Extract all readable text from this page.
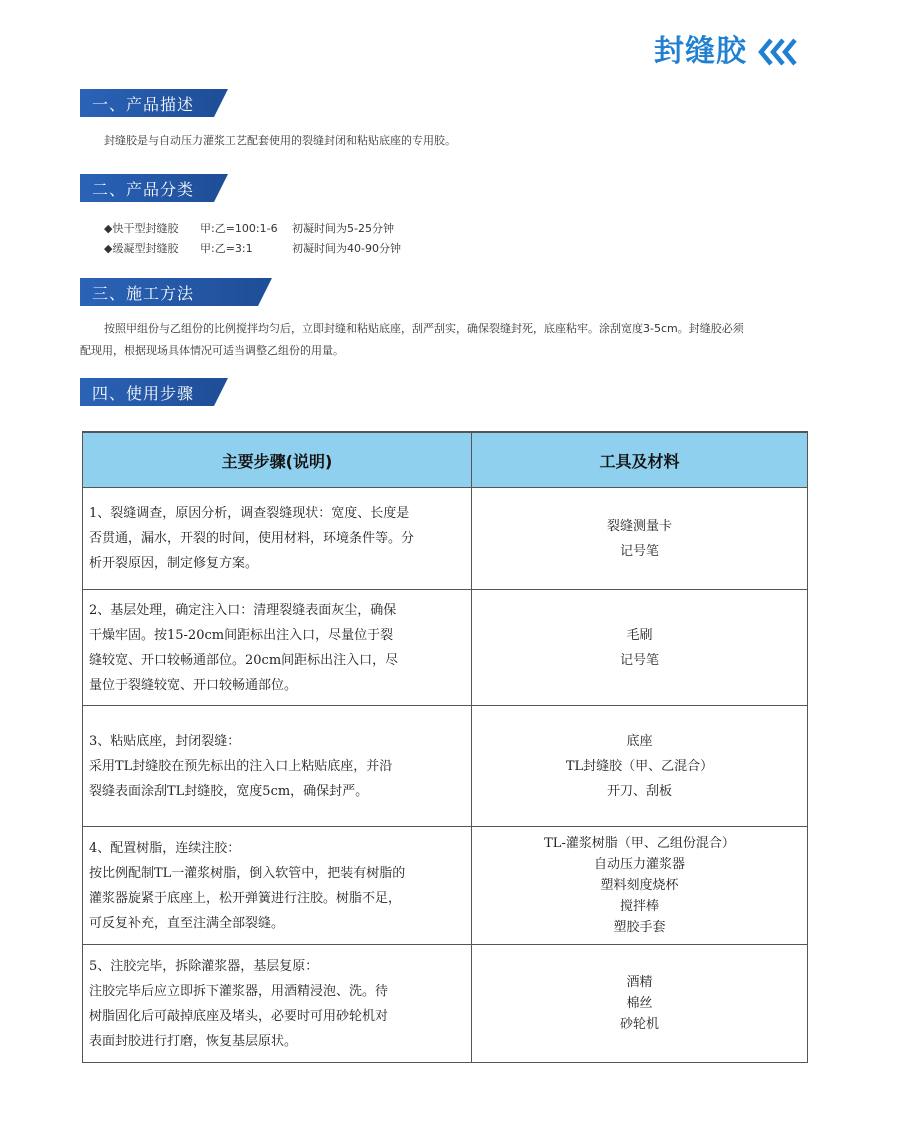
封缝胶
一、产品描述
封缝胶是与自动压力灌浆工艺配套使用的裂缝封闭和粘贴底座的专用胶。
二、产品分类
◆快干型封缝胶	甲:乙=100:1-6	初凝时间为5-25分钟
◆缓凝型封缝胶	甲:乙=3:1	初凝时间为40-90分钟
三、施工方法
按照甲组份与乙组份的比例搅拌均匀后，立即封缝和粘贴底座，刮严刮实，确保裂缝封死，底座粘牢。涂刮宽度3-5cm。封缝胶必须
配现用，根据现场具体情况可适当调整乙组份的用量。
四、使用步骤
主要步骤(说明)	工具及材料

1、裂缝调查，原因分析，调查裂缝现状：宽度、长度是
否贯通，漏水，开裂的时间，使用材料，环境条件等。分
析开裂原因，制定修复方案。	裂缝测量卡
记号笔

2、基层处理，确定注入口：清理裂缝表面灰尘，确保
干燥牢固。按15-20cm间距标出注入口，尽量位于裂
缝较宽、开口较畅通部位。20cm间距标出注入口，尽
量位于裂缝较宽、开口较畅通部位。	毛刷
记号笔

3、粘贴底座，封闭裂缝：
采用TL封缝胶在预先标出的注入口上粘贴底座，并沿
裂缝表面涂刮TL封缝胶，宽度5cm，确保封严。	底座
TL封缝胶（甲、乙混合）
开刀、刮板

4、配置树脂，连续注胶：
按比例配制TL一灌浆树脂，倒入软管中，把装有树脂的
灌浆器旋紧于底座上，松开弹簧进行注胶。树脂不足，
可反复补充，直至注满全部裂缝。	TL-灌浆树脂（甲、乙组份混合）
自动压力灌浆器
塑料刻度烧杯
搅拌棒
塑胶手套

5、注胶完毕，拆除灌浆器，基层复原：
注胶完毕后应立即拆下灌浆器，用酒精浸泡、洗。待
树脂固化后可敲掉底座及堵头，必要时可用砂轮机对
表面封胶进行打磨，恢复基层原状。	酒精
棉丝
砂轮机
